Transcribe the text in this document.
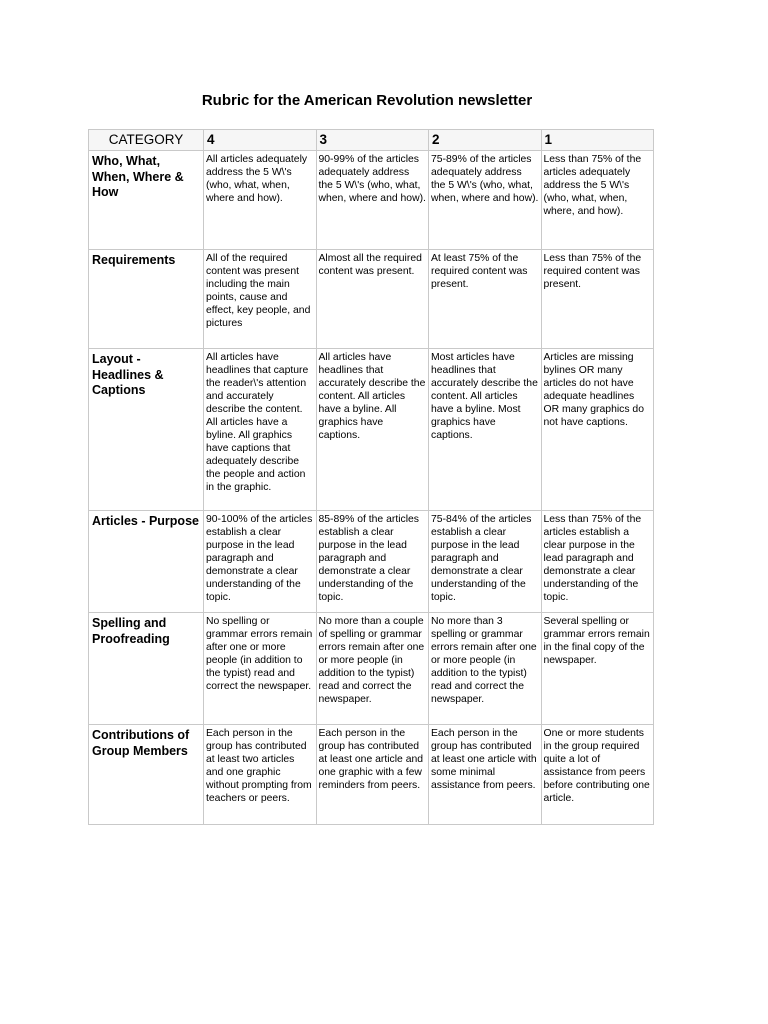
Rubric for the American Revolution newsletter
CATEGORY	4	3	2	1
Who, What, When, Where & How	All articles adequately address the 5 W\'s (who, what, when, where and how).	90-99% of the articles adequately address the 5 W\'s (who, what, when, where and how).	75-89% of the articles adequately address the 5 W\'s (who, what, when, where and how).	Less than 75% of the articles adequately address the 5 W\'s (who, what, when, where, and how).
Requirements	All of the required content was present including the main points, cause and effect, key people, and pictures	Almost all the required content was present.	At least 75% of the required content was present.	Less than 75% of the required content was present.
Layout - Headlines & Captions	All articles have headlines that capture the reader\'s attention and accurately describe the content. All articles have a byline. All graphics have captions that adequately describe the people and action in the graphic.	All articles have headlines that accurately describe the content. All articles have a byline. All graphics have captions.	Most articles have headlines that accurately describe the content. All articles have a byline. Most graphics have captions.	Articles are missing bylines OR many articles do not have adequate headlines OR many graphics do not have captions.
Articles - Purpose	90-100% of the articles establish a clear purpose in the lead paragraph and demonstrate a clear understanding of the topic.	85-89% of the articles establish a clear purpose in the lead paragraph and demonstrate a clear understanding of the topic.	75-84% of the articles establish a clear purpose in the lead paragraph and demonstrate a clear understanding of the topic.	Less than 75% of the articles establish a clear purpose in the lead paragraph and demonstrate a clear understanding of the topic.
Spelling and Proofreading	No spelling or grammar errors remain after one or more people (in addition to the typist) read and correct the newspaper.	No more than a couple of spelling or grammar errors remain after one or more people (in addition to the typist) read and correct the newspaper.	No more than 3 spelling or grammar errors remain after one or more people (in addition to the typist) read and correct the newspaper.	Several spelling or grammar errors remain in the final copy of the newspaper.
Contributions of Group Members	Each person in the group has contributed at least two articles and one graphic without prompting from teachers or peers.	Each person in the group has contributed at least one article and one graphic with a few reminders from peers.	Each person in the group has contributed at least one article with some minimal assistance from peers.	One or more students in the group required quite a lot of assistance from peers before contributing one article.
